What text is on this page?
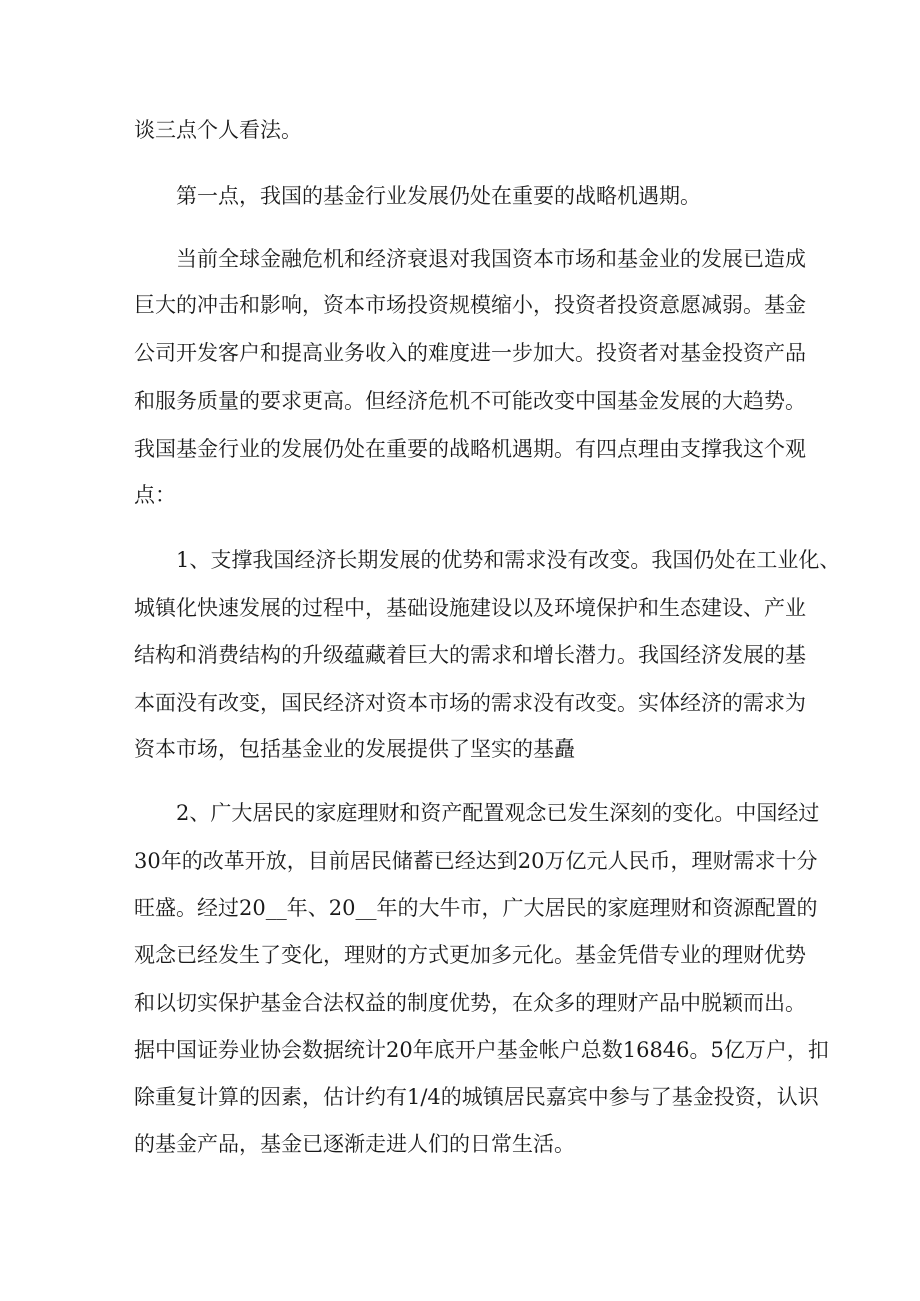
谈三点个人看法。
第一点，我国的基金行业发展仍处在重要的战略机遇期。
当前全球金融危机和经济衰退对我国资本市场和基金业的发展已造成
巨大的冲击和影响，资本市场投资规模缩小，投资者投资意愿减弱。基金
公司开发客户和提高业务收入的难度进一步加大。投资者对基金投资产品
和服务质量的要求更高。但经济危机不可能改变中国基金发展的大趋势。
我国基金行业的发展仍处在重要的战略机遇期。有四点理由支撑我这个观
点：
1、支撑我国经济长期发展的优势和需求没有改变。我国仍处在工业化、
城镇化快速发展的过程中，基础设施建设以及环境保护和生态建设、产业
结构和消费结构的升级蕴藏着巨大的需求和增长潜力。我国经济发展的基
本面没有改变，国民经济对资本市场的需求没有改变。实体经济的需求为
资本市场，包括基金业的发展提供了坚实的基矗
2、广大居民的家庭理财和资产配置观念已发生深刻的变化。中国经过
30年的改革开放，目前居民储蓄已经达到20万亿元人民币，理财需求十分
旺盛。经过20__年、20__年的大牛市，广大居民的家庭理财和资源配置的
观念已经发生了变化，理财的方式更加多元化。基金凭借专业的理财优势
和以切实保护基金合法权益的制度优势，在众多的理财产品中脱颖而出。
据中国证券业协会数据统计20年底开户基金帐户总数16846。5亿万户，扣
除重复计算的因素，估计约有1/4的城镇居民嘉宾中参与了基金投资，认识
的基金产品，基金已逐渐走进人们的日常生活。
